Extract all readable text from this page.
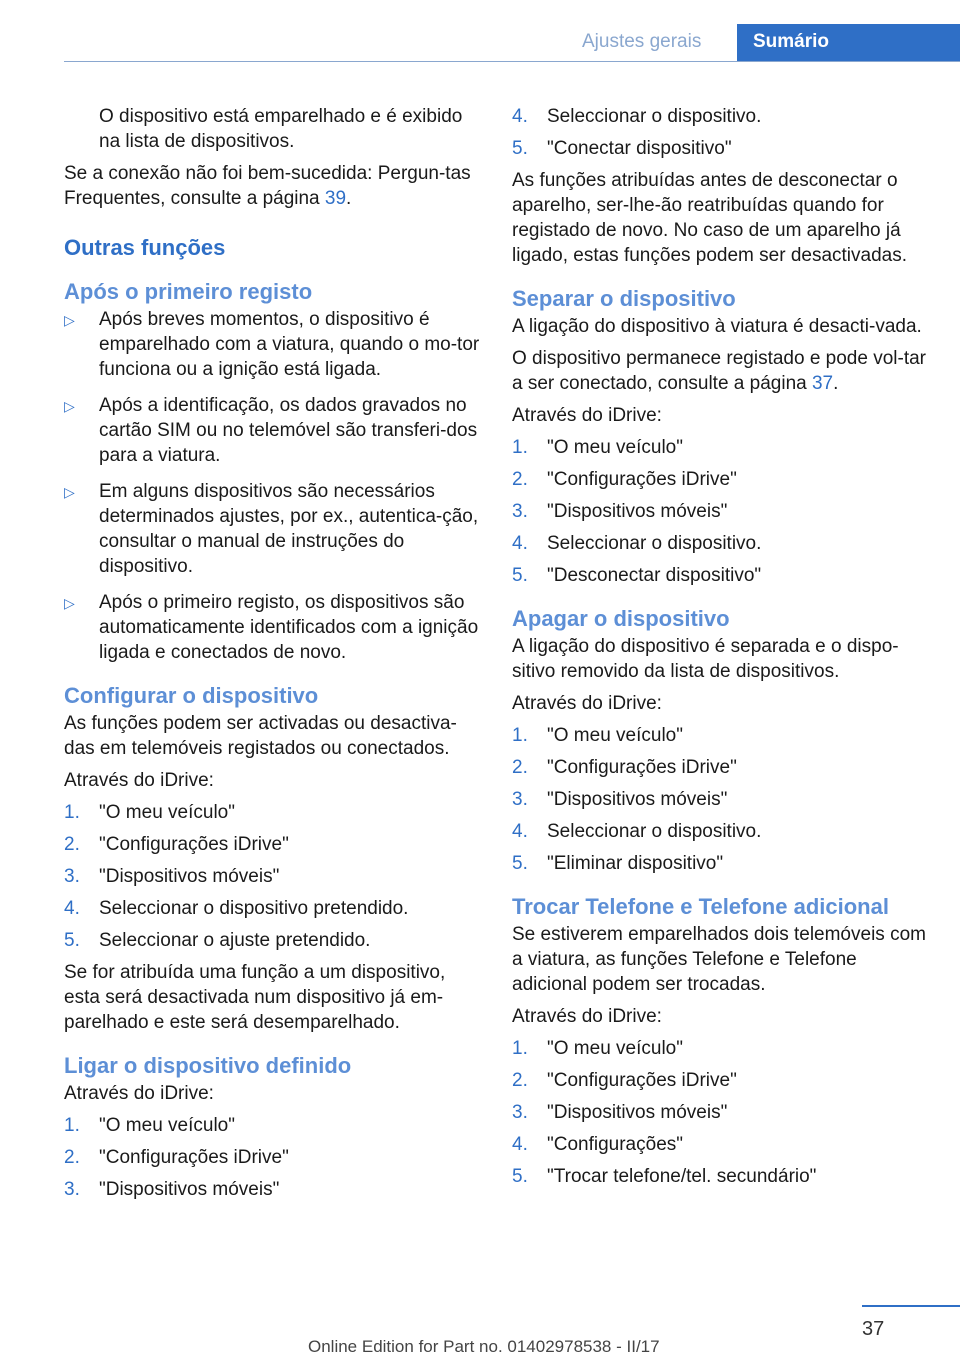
Ajustes gerais	Sumário

O dispositivo está emparelhado e é exibido na lista de dispositivos.

Se a conexão não foi bem-sucedida: Pergun‐tas Frequentes, consulte a página 39.

Outras funções
Após o primeiro registo
▷ Após breves momentos, o dispositivo é emparelhado com a viatura, quando o mo‐tor funciona ou a ignição está ligada.
▷ Após a identificação, os dados gravados no cartão SIM ou no telemóvel são transferi‐dos para a viatura.
▷ Em alguns dispositivos são necessários determinados ajustes, por ex., autentica‐ção, consultar o manual de instruções do dispositivo.
▷ Após o primeiro registo, os dispositivos são automaticamente identificados com a ignição ligada e conectados de novo.
Configurar o dispositivo

As funções podem ser activadas ou desactiva‐das em telemóveis registados ou conectados.

Através do iDrive:

1. "O meu veículo"
2. "Configurações iDrive"
3. "Dispositivos móveis"
4. Seleccionar o dispositivo pretendido.
5. Seleccionar o ajuste pretendido.

Se for atribuída uma função a um dispositivo, esta será desactivada num dispositivo já em‐parelhado e este será desemparelhado.

Ligar o dispositivo definido

Através do iDrive:

1. "O meu veículo"
2. "Configurações iDrive"
3. "Dispositivos móveis"
4. Seleccionar o dispositivo.
5. "Conectar dispositivo"

As funções atribuídas antes de desconectar o aparelho, ser-lhe-ão reatribuídas quando for registado de novo. No caso de um aparelho já ligado, estas funções podem ser desactivadas.

Separar o dispositivo

A ligação do dispositivo à viatura é desacti‐vada.

O dispositivo permanece registado e pode vol‐tar a ser conectado, consulte a página 37.

Através do iDrive:

1. "O meu veículo"
2. "Configurações iDrive"
3. "Dispositivos móveis"
4. Seleccionar o dispositivo.
5. "Desconectar dispositivo"
Apagar o dispositivo

A ligação do dispositivo é separada e o dispo‐sitivo removido da lista de dispositivos.

Através do iDrive:

1. "O meu veículo"
2. "Configurações iDrive"
3. "Dispositivos móveis"
4. Seleccionar o dispositivo.
5. "Eliminar dispositivo"
Trocar Telefone e Telefone adicional

Se estiverem emparelhados dois telemóveis com a viatura, as funções Telefone e Telefone adicional podem ser trocadas.

Através do iDrive:

1. "O meu veículo"
2. "Configurações iDrive"
3. "Dispositivos móveis"
4. "Configurações"
5. "Trocar telefone/tel. secundário"
37
Online Edition for Part no. 01402978538 - II/17
